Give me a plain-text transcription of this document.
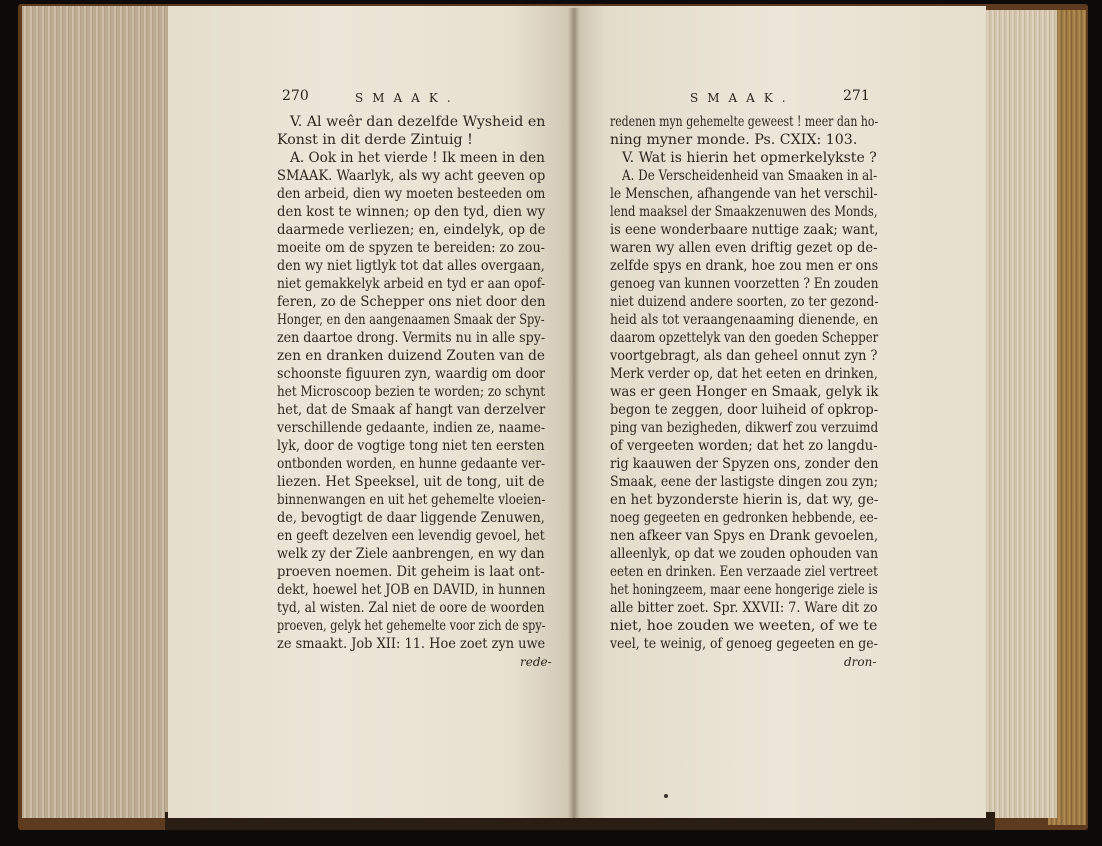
270	SMAAK.	SMAAK.	271
V. Al weêr dan dezelfde Wysheid en
Konst in dit derde Zintuig !
A. Ook in het vierde ! Ik meen in den
SMAAK. Waarlyk, als wy acht geeven op
den arbeid, dien wy moeten besteeden om
den kost te winnen; op den tyd, dien wy
daarmede verliezen; en, eindelyk, op de
moeite om de spyzen te bereiden: zo zou-
den wy niet ligtlyk tot dat alles overgaan,
niet gemakkelyk arbeid en tyd er aan opof-
feren, zo de Schepper ons niet door den
Honger, en den aangenaamen Smaak der Spy-
zen daartoe drong. Vermits nu in alle spy-
zen en dranken duizend Zouten van de
schoonste figuuren zyn, waardig om door
het Microscoop bezien te worden; zo schynt
het, dat de Smaak af hangt van derzelver
verschillende gedaante, indien ze, naame-
lyk, door de vogtige tong niet ten eersten
ontbonden worden, en hunne gedaante ver-
liezen. Het Speeksel, uit de tong, uit de
binnenwangen en uit het gehemelte vloeien-
de, bevogtigt de daar liggende Zenuwen,
en geeft dezelven een levendig gevoel, het
welk zy der Ziele aanbrengen, en wy dan
proeven noemen. Dit geheim is laat ont-
dekt, hoewel het JOB en DAVID, in hunnen
tyd, al wisten. Zal niet de oore de woorden
proeven, gelyk het gehemelte voor zich de spy-
ze smaakt. Job XII: 11. Hoe zoet zyn uwe
rede-
redenen myn gehemelte geweest ! meer dan ho-
ning myner monde. Ps. CXIX: 103.
V. Wat is hierin het opmerkelykste ?
A. De Verscheidenheid van Smaaken in al-
le Menschen, afhangende van het verschil-
lend maaksel der Smaakzenuwen des Monds,
is eene wonderbaare nuttige zaak; want,
waren wy allen even driftig gezet op de-
zelfde spys en drank, hoe zou men er ons
genoeg van kunnen voorzetten ? En zouden
niet duizend andere soorten, zo ter gezond-
heid als tot veraangenaaming dienende, en
daarom opzettelyk van den goeden Schepper
voortgebragt, als dan geheel onnut zyn ?
Merk verder op, dat het eeten en drinken,
was er geen Honger en Smaak, gelyk ik
begon te zeggen, door luiheid of opkrop-
ping van bezigheden, dikwerf zou verzuimd
of vergeeten worden; dat het zo langdu-
rig kaauwen der Spyzen ons, zonder den
Smaak, eene der lastigste dingen zou zyn;
en het byzonderste hierin is, dat wy, ge-
noeg gegeeten en gedronken hebbende, ee-
nen afkeer van Spys en Drank gevoelen,
alleenlyk, op dat we zouden ophouden van
eeten en drinken. Een verzaade ziel vertreet
het honingzeem, maar eene hongerige ziele is
alle bitter zoet. Spr. XXVII: 7. Ware dit zo
niet, hoe zouden we weeten, of we te
veel, te weinig, of genoeg gegeeten en ge-
dron-
